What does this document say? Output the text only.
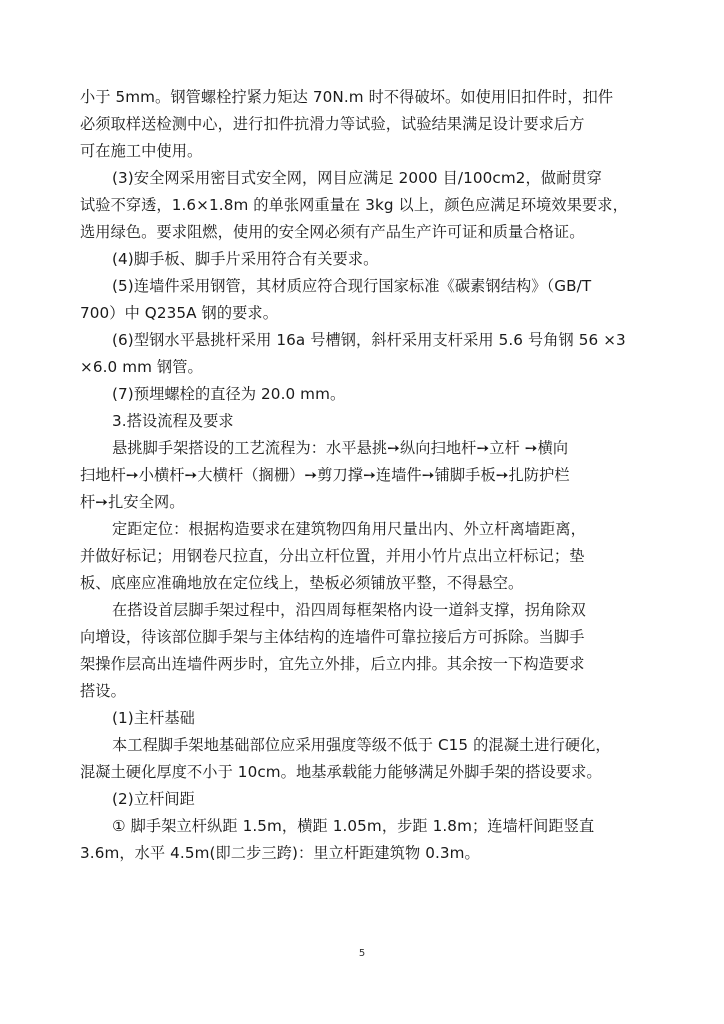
小于 5mm。钢管螺栓拧紧力矩达 70N.m 时不得破坏。如使用旧扣件时，扣件
必须取样送检测中心，进行扣件抗滑力等试验，试验结果满足设计要求后方
可在施工中使用。
(3)安全网采用密目式安全网，网目应满足 2000 目/100cm2，做耐贯穿
试验不穿透，1.6×1.8m 的单张网重量在 3kg 以上，颜色应满足环境效果要求，
选用绿色。要求阻燃，使用的安全网必须有产品生产许可证和质量合格证。
(4)脚手板、脚手片采用符合有关要求。
(5)连墙件采用钢管，其材质应符合现行国家标准《碳素钢结构》（GB/T
700）中 Q235A 钢的要求。
(6)型钢水平悬挑杆采用 16a 号槽钢，斜杆采用支杆采用 5.6 号角钢 56 ×3
×6.0 mm 钢管。
(7)预埋螺栓的直径为 20.0 mm。
3.搭设流程及要求
悬挑脚手架搭设的工艺流程为：水平悬挑➙纵向扫地杆➙立杆 ➙横向
扫地杆➙小横杆➙大横杆（搁栅）➙剪刀撑➙连墙件➙铺脚手板➙扎防护栏
杆➙扎安全网。
定距定位：根据构造要求在建筑物四角用尺量出内、外立杆离墙距离，
并做好标记；用钢卷尺拉直，分出立杆位置，并用小竹片点出立杆标记；垫
板、底座应准确地放在定位线上，垫板必须铺放平整，不得悬空。
在搭设首层脚手架过程中，沿四周每框架格内设一道斜支撑，拐角除双
向增设，待该部位脚手架与主体结构的连墙件可靠拉接后方可拆除。当脚手
架操作层高出连墙件两步时，宜先立外排，后立内排。其余按一下构造要求
搭设。
(1)主杆基础
本工程脚手架地基础部位应采用强度等级不低于 C15 的混凝土进行硬化，
混凝土硬化厚度不小于 10cm。地基承载能力能够满足外脚手架的搭设要求。
(2)立杆间距
① 脚手架立杆纵距 1.5m，横距 1.05m，步距 1.8m；连墙杆间距竖直
3.6m，水平 4.5m(即二步三跨)：里立杆距建筑物 0.3m。
5
